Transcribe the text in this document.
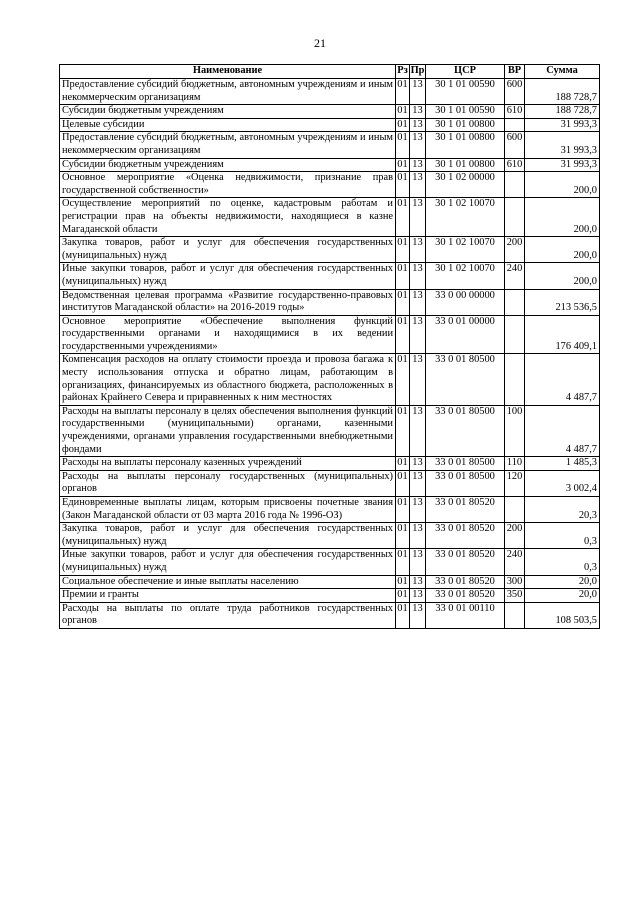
21
Наименование	Рз	Пр	ЦСР	ВР	Сумма
Предоставление субсидий бюджетным, автономным учреждениям и иным некоммерческим организациям	01	13	30 1 01 00590	600	188 728,7
Субсидии бюджетным учреждениям	01	13	30 1 01 00590	610	188 728,7
Целевые субсидии	01	13	30 1 01 00800		31 993,3
Предоставление субсидий бюджетным, автономным учреждениям и иным некоммерческим организациям	01	13	30 1 01 00800	600	31 993,3
Субсидии бюджетным учреждениям	01	13	30 1 01 00800	610	31 993,3
Основное мероприятие «Оценка недвижимости, признание прав государственной собственности»	01	13	30 1 02 00000		200,0
Осуществление мероприятий по оценке, кадастровым работам и регистрации прав на объекты недвижимости, находящиеся в казне Магаданской области	01	13	30 1 02 10070		200,0
Закупка товаров, работ и услуг для обеспечения государственных (муниципальных) нужд	01	13	30 1 02 10070	200	200,0
Иные закупки товаров, работ и услуг для обеспечения государственных (муниципальных) нужд	01	13	30 1 02 10070	240	200,0
Ведомственная целевая программа «Развитие государственно-правовых институтов Магаданской области» на 2016-2019 годы»	01	13	33 0 00 00000		213 536,5
Основное мероприятие «Обеспечение выполнения функций государственными органами и находящимися в их ведении государственными учреждениями»	01	13	33 0 01 00000		176 409,1
Компенсация расходов на оплату стоимости проезда и провоза багажа к месту использования отпуска и обратно лицам, работающим в организациях, финансируемых из областного бюджета, расположенных в районах Крайнего Севера и приравненных к ним местностях	01	13	33 0 01 80500		4 487,7
Расходы на выплаты персоналу в целях обеспечения выполнения функций государственными (муниципальными) органами, казенными учреждениями, органами управления государственными внебюджетными фондами	01	13	33 0 01 80500	100	4 487,7
Расходы на выплаты персоналу казенных учреждений	01	13	33 0 01 80500	110	1 485,3
Расходы на выплаты персоналу государственных (муниципальных) органов	01	13	33 0 01 80500	120	3 002,4
Единовременные выплаты лицам, которым присвоены почетные звания (Закон Магаданской области от 03 марта 2016 года № 1996-ОЗ)	01	13	33 0 01 80520		20,3
Закупка товаров, работ и услуг для обеспечения государственных (муниципальных) нужд	01	13	33 0 01 80520	200	0,3
Иные закупки товаров, работ и услуг для обеспечения государственных (муниципальных) нужд	01	13	33 0 01 80520	240	0,3
Социальное обеспечение и иные выплаты населению	01	13	33 0 01 80520	300	20,0
Премии и гранты	01	13	33 0 01 80520	350	20,0
Расходы на выплаты по оплате труда работников государственных органов	01	13	33 0 01 00110		108 503,5
